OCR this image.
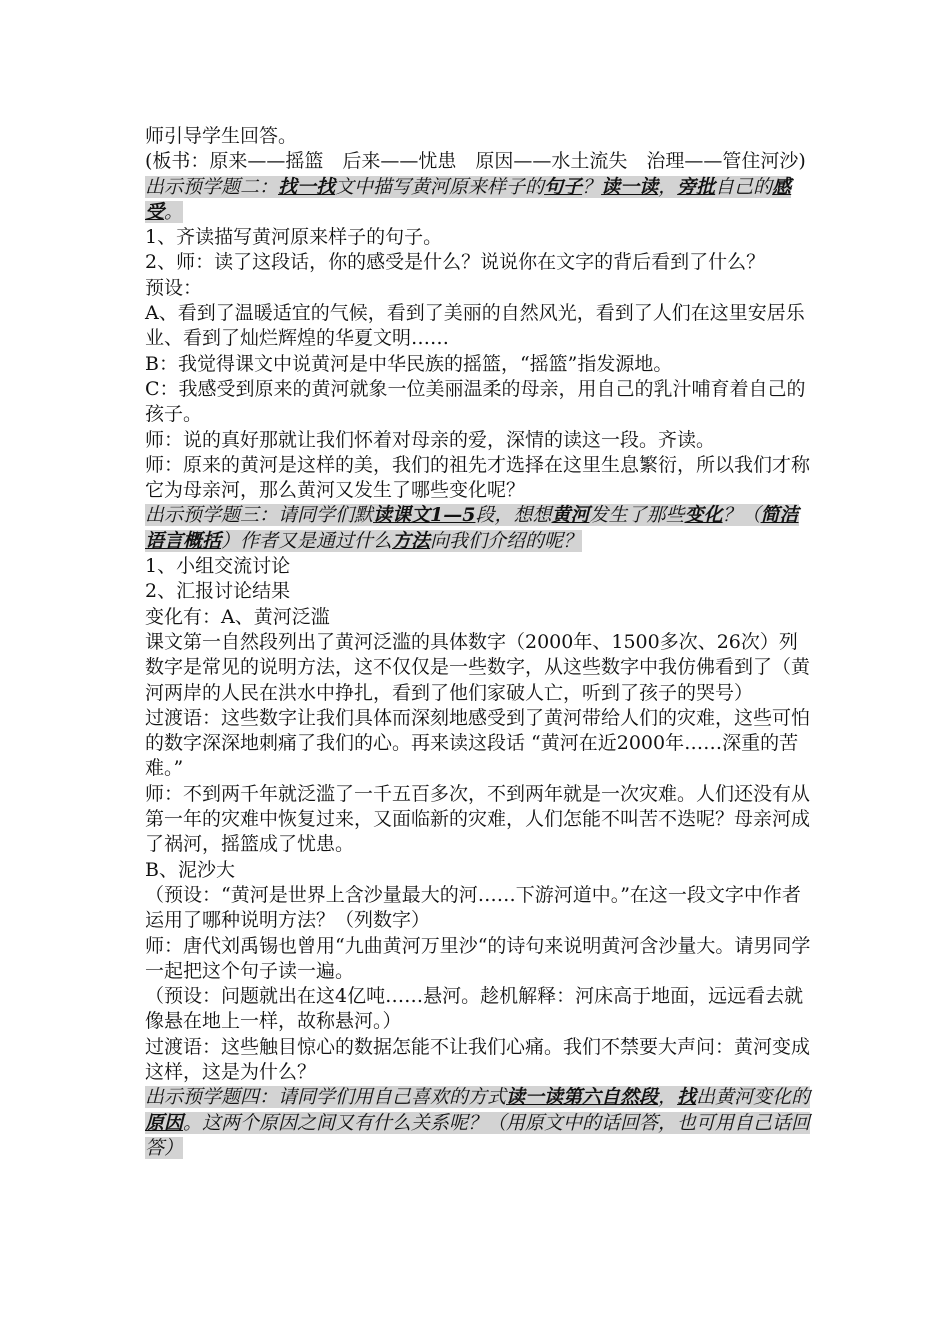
师引导学生回答。

(板书：原来——摇篮　后来——忧患　原因——水土流失　治理——管住河沙)

出示预学题二：找一找文中描写黄河原来样子的句子？读一读，旁批自己的感受。

1、齐读描写黄河原来样子的句子。

2、师：读了这段话，你的感受是什么？说说你在文字的背后看到了什么？

预设：

A、看到了温暖适宜的气候，看到了美丽的自然风光，看到了人们在这里安居乐业、看到了灿烂辉煌的华夏文明……

B：我觉得课文中说黄河是中华民族的摇篮，“摇篮”指发源地。

C：我感受到原来的黄河就象一位美丽温柔的母亲，用自己的乳汁哺育着自己的孩子。

师：说的真好那就让我们怀着对母亲的爱，深情的读这一段。齐读。

师：原来的黄河是这样的美，我们的祖先才选择在这里生息繁衍，所以我们才称它为母亲河，那么黄河又发生了哪些变化呢？

出示预学题三：请同学们默读课文1—5段，想想黄河发生了那些变化？（简洁语言概括）作者又是通过什么方法向我们介绍的呢？

1、小组交流讨论

2、汇报讨论结果

变化有：A、黄河泛滥

课文第一自然段列出了黄河泛滥的具体数字（2000年、1500多次、26次）列数字是常见的说明方法，这不仅仅是一些数字，从这些数字中我仿佛看到了（黄河两岸的人民在洪水中挣扎，看到了他们家破人亡，听到了孩子的哭号）

过渡语：这些数字让我们具体而深刻地感受到了黄河带给人们的灾难，这些可怕的数字深深地刺痛了我们的心。再来读这段话 “黄河在近2000年……深重的苦难。”

师：不到两千年就泛滥了一千五百多次，不到两年就是一次灾难。人们还没有从第一年的灾难中恢复过来，又面临新的灾难，人们怎能不叫苦不迭呢？母亲河成了祸河，摇篮成了忧患。

B、泥沙大

（预设：“黄河是世界上含沙量最大的河……下游河道中。”在这一段文字中作者运用了哪种说明方法？（列数字）

师：唐代刘禹锡也曾用“九曲黄河万里沙“的诗句来说明黄河含沙量大。请男同学一起把这个句子读一遍。

（预设：问题就出在这4亿吨……悬河。趁机解释：河床高于地面，远远看去就像悬在地上一样，故称悬河。）

过渡语：这些触目惊心的数据怎能不让我们心痛。我们不禁要大声问：黄河变成这样，这是为什么？

出示预学题四：请同学们用自己喜欢的方式读一读第六自然段，找出黄河变化的原因。这两个原因之间又有什么关系呢？（用原文中的话回答，也可用自己话回答）
